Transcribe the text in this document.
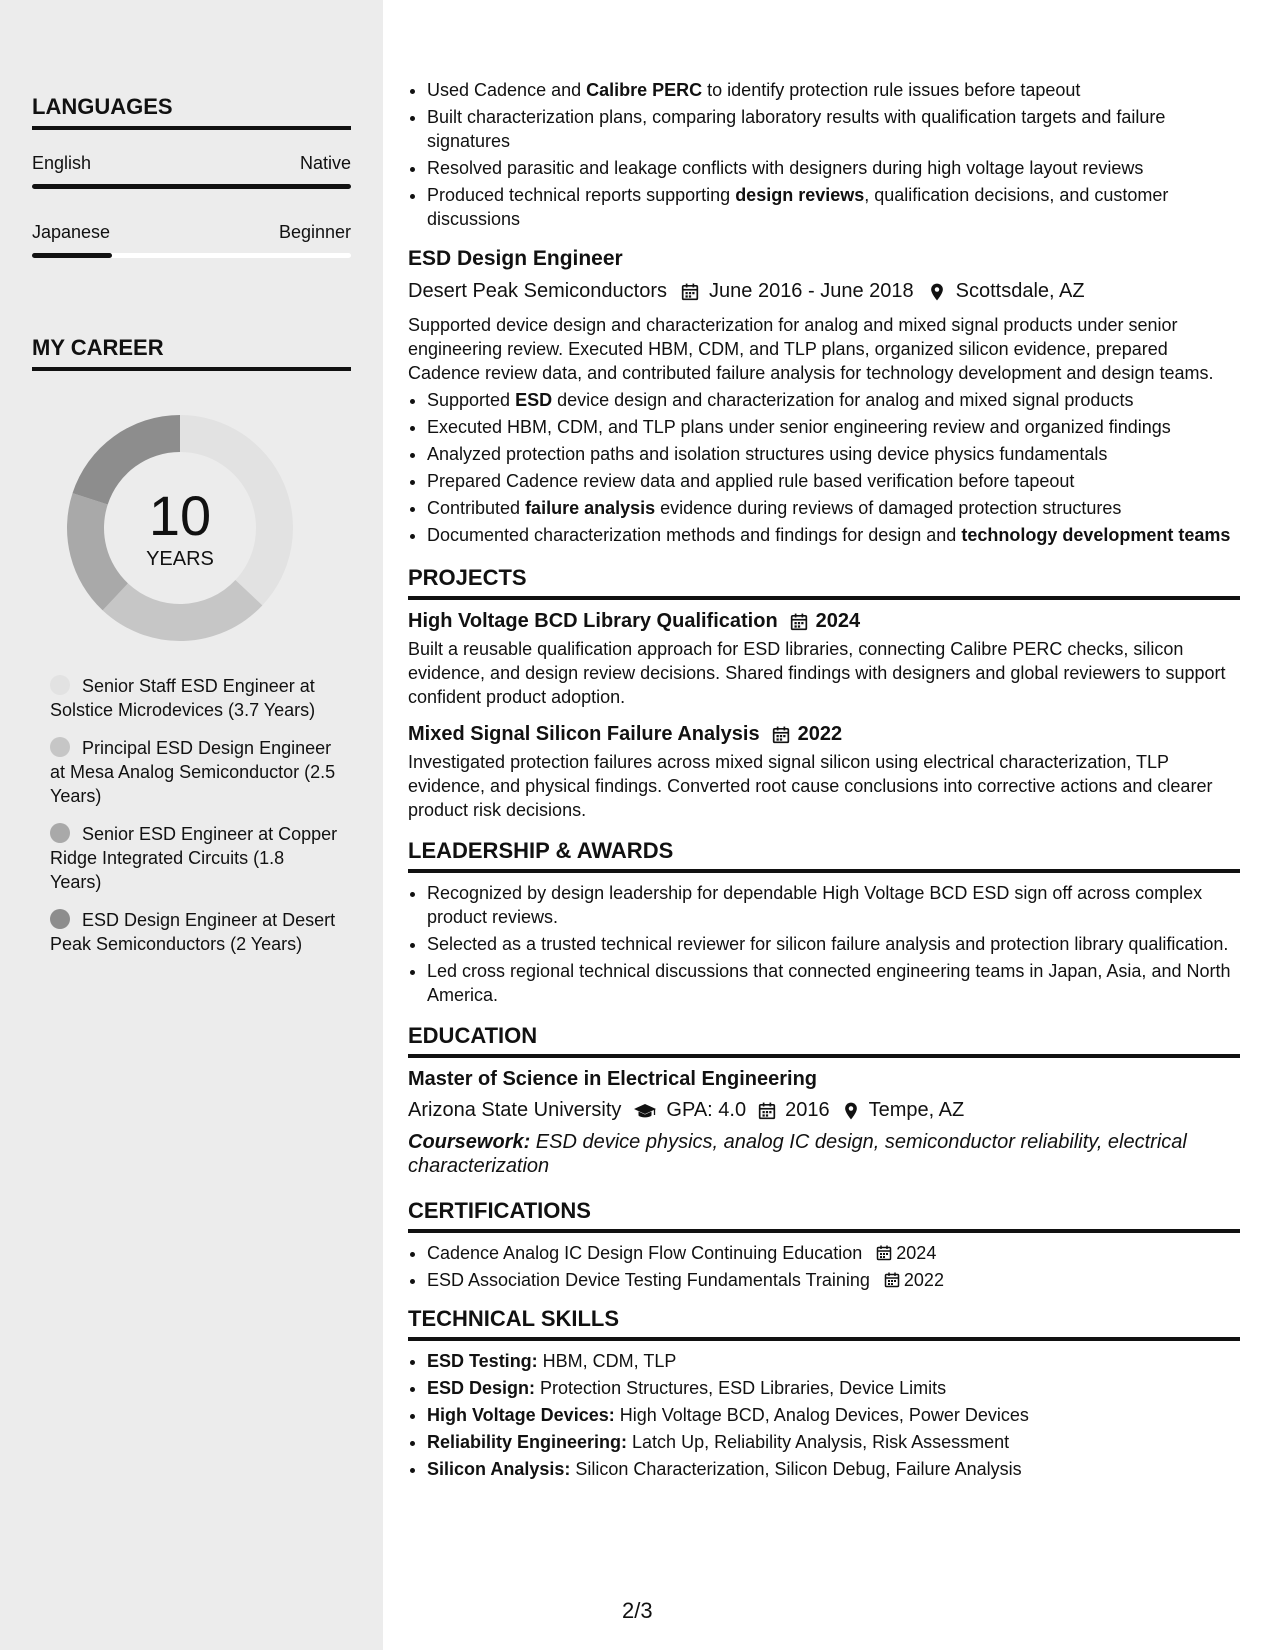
LANGUAGES
English	Native
Japanese	Beginner
MY CAREER
10
YEARS
Senior Staff ESD Engineer at Solstice Microdevices (3.7 Years)
Principal ESD Design Engineer at Mesa Analog Semiconductor (2.5 Years)
Senior ESD Engineer at Copper Ridge Integrated Circuits (1.8 Years)
ESD Design Engineer at Desert Peak Semiconductors (2 Years)
• Used Cadence and Calibre PERC to identify protection rule issues before tapeout
• Built characterization plans, comparing laboratory results with qualification targets and failure signatures
• Resolved parasitic and leakage conflicts with designers during high voltage layout reviews
• Produced technical reports supporting design reviews, qualification decisions, and customer discussions
ESD Design Engineer
Desert Peak Semiconductors June 2016 - June 2018 Scottsdale, AZ

Supported device design and characterization for analog and mixed signal products under senior engineering review. Executed HBM, CDM, and TLP plans, organized silicon evidence, prepared Cadence review data, and contributed failure analysis for technology development and design teams.

• Supported ESD device design and characterization for analog and mixed signal products
• Executed HBM, CDM, and TLP plans under senior engineering review and organized findings
• Analyzed protection paths and isolation structures using device physics fundamentals
• Prepared Cadence review data and applied rule based verification before tapeout
• Contributed failure analysis evidence during reviews of damaged protection structures
• Documented characterization methods and findings for design and technology development teams
PROJECTS
High Voltage BCD Library Qualification 2024

Built a reusable qualification approach for ESD libraries, connecting Calibre PERC checks, silicon evidence, and design review decisions. Shared findings with designers and global reviewers to support confident product adoption.

Mixed Signal Silicon Failure Analysis 2022

Investigated protection failures across mixed signal silicon using electrical characterization, TLP evidence, and physical findings. Converted root cause conclusions into corrective actions and clearer product risk decisions.

LEADERSHIP & AWARDS
• Recognized by design leadership for dependable High Voltage BCD ESD sign off across complex product reviews.
• Selected as a trusted technical reviewer for silicon failure analysis and protection library qualification.
• Led cross regional technical discussions that connected engineering teams in Japan, Asia, and North America.
EDUCATION
Master of Science in Electrical Engineering
Arizona State University GPA: 4.0 2016 Tempe, AZ
Coursework: ESD device physics, analog IC design, semiconductor reliability, electrical characterization
CERTIFICATIONS
• Cadence Analog IC Design Flow Continuing Education 2024
• ESD Association Device Testing Fundamentals Training 2022
TECHNICAL SKILLS
• ESD Testing: HBM, CDM, TLP
• ESD Design: Protection Structures, ESD Libraries, Device Limits
• High Voltage Devices: High Voltage BCD, Analog Devices, Power Devices
• Reliability Engineering: Latch Up, Reliability Analysis, Risk Assessment
• Silicon Analysis: Silicon Characterization, Silicon Debug, Failure Analysis
2/3
